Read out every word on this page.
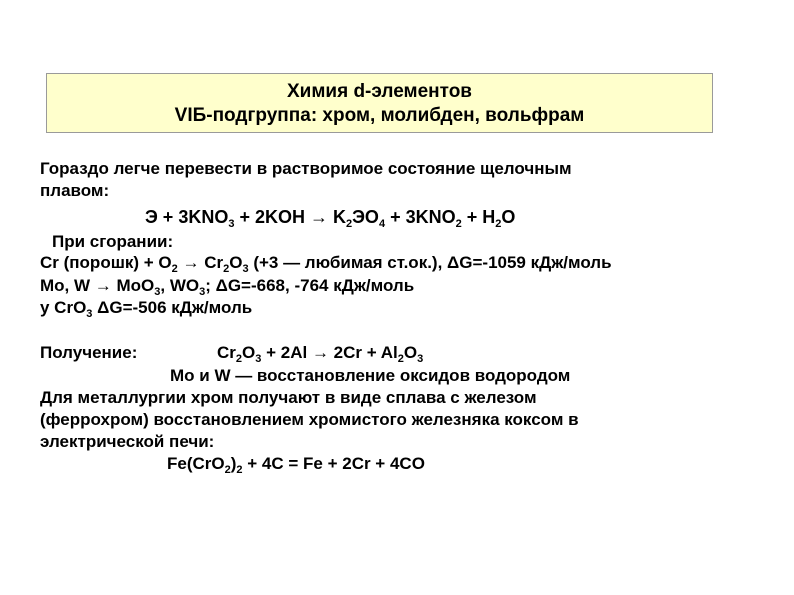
Химия d-элементов
VIБ-подгруппа: хром, молибден, вольфрам
Гораздо легче перевести в растворимое состояние щелочным
плавом:
$Э + 3KNO_3 + 2KOH \to K_2ЭO_4 + 3KNO_2 + H_2O$
При сгорании:
Cr (порошк) + $O_2 \to Cr_2O_3$ (+3 — любимая ст.ок.), ΔG=-1059 кДж/моль
Mo, W → MoO$_3$, $WO_3$; ΔG=-668, -764 кДж/моль
у CrO$_3$ ΔG=-506 кДж/моль
Получение:	$Cr_2O_3 + 2Al \to 2Cr + Al_2O_3$
Mo и W — восстановление оксидов водородом
Для металлургии хром получают в виде сплава с железом
(феррохром) восстановлением хромистого железняка коксом в
электрической печи:
$Fe(CrO_2)_2 + 4C = Fe + 2Cr + 4CO$
